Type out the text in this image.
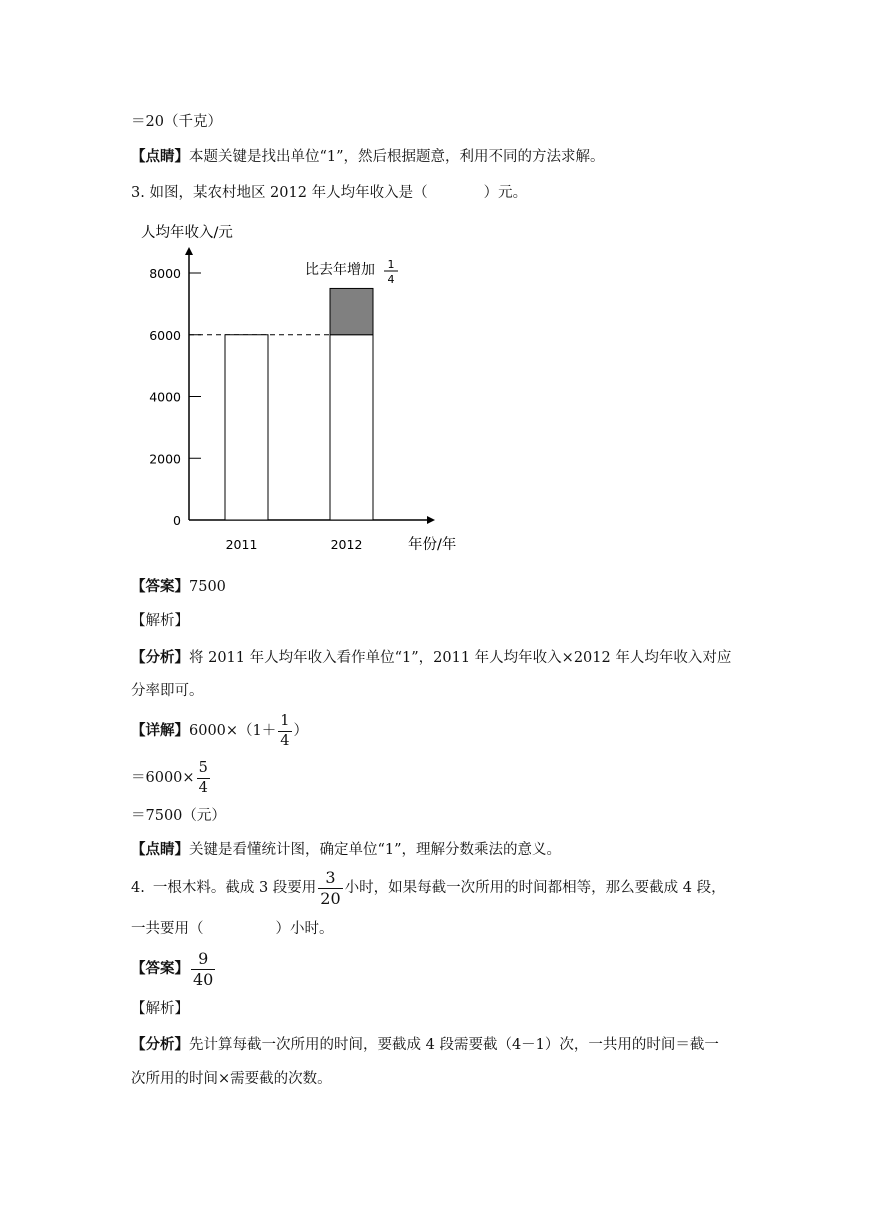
＝20（千克）
【点睛】本题关键是找出单位“1”，然后根据题意，利用不同的方法求解。
3. 如图，某农村地区 2012 年人均年收入是（	）元。
人均年收入/元
比去年增加 1
4
年份/年
0
2000
4000
6000
8000
2011	2012
【答案】7500
【解析】
【分析】将 2011 年人均年收入看作单位“1”，2011 年人均年收入×2012 年人均年收入对应
分率即可。
【详解】 $6000\times(1+ \frac{1}{4}$ ）
$=6000\times \frac{5}{4}$
＝7500（元）
【点睛】关键是看懂统计图，确定单位“1”，理解分数乘法的意义。
4. 一根木料。截成 3 段要用 $\frac{3}{20}$ 小时，如果每截一次所用的时间都相等，那么要截成 4 段，
一共要用（	）小时。
【答案】 $\frac{9}{40}$
【解析】
【分析】先计算每截一次所用的时间，要截成 4 段需要截（4－1）次，一共用的时间＝截一
次所用的时间×需要截的次数。
